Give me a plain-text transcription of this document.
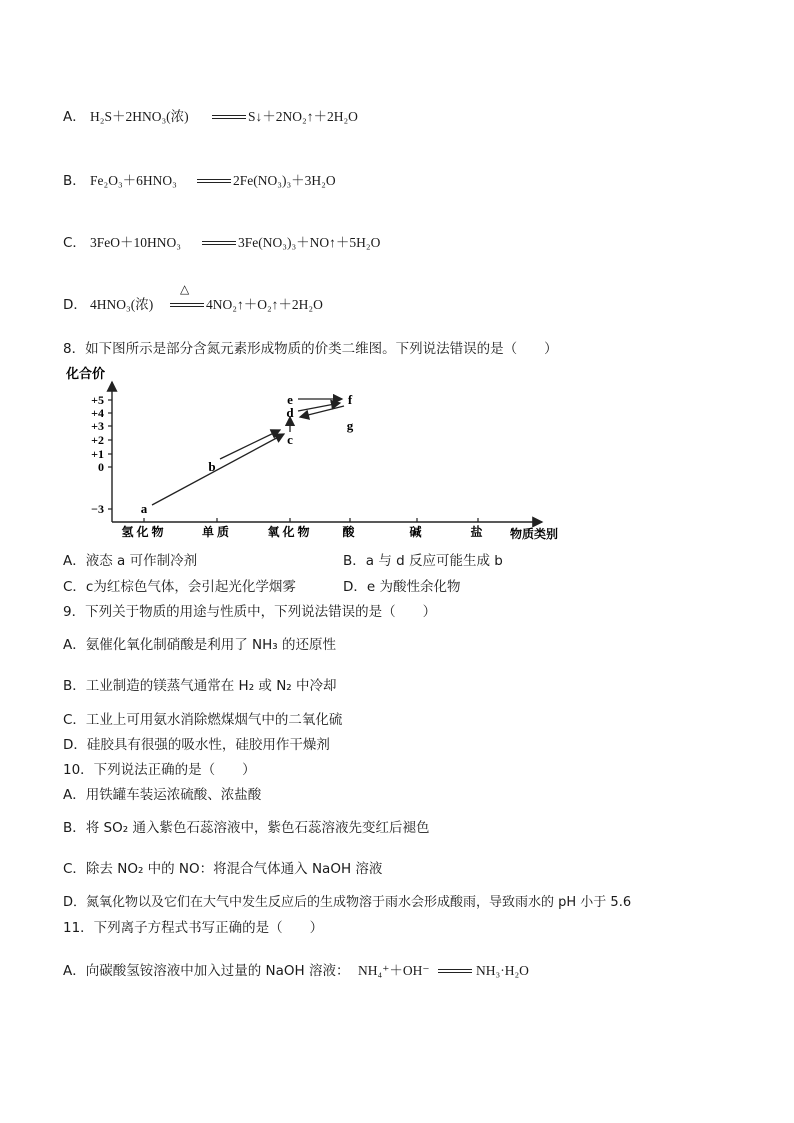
A． H₂S＋2HNO₃(浓)	S↓＋2NO₂↑＋2H₂O
B． Fe₂O₃＋6HNO₃	2Fe(NO₃)₃＋3H₂O
C． 3FeO＋10HNO₃	3Fe(NO₃)₃＋NO↑＋5H₂O
D． 4HNO₃(浓)
△
4NO₂↑＋O₂↑＋2H₂O
8．如下图所示是部分含氮元素形成物质的价类二维图。下列说法错误的是（　　）
+5
+4
+3
+2
+1
0
−3
氢化物	单质	氧化物 酸	碱	盐
a
b
c
d
e	f
g
化合价
物质类别
A．液态 a 可作制冷剂	B．a 与 d 反应可能生成 b
C．c为红棕色气体，会引起光化学烟雾	D．e 为酸性余化物
9．下列关于物质的用途与性质中，下列说法错误的是（　　）
A．氨催化氧化制硝酸是利用了 NH₃ 的还原性
B．工业制造的镁蒸气通常在 H₂ 或 N₂ 中冷却
C．工业上可用氨水消除燃煤烟气中的二氧化硫
D．硅胶具有很强的吸水性，硅胶用作干燥剂
10．下列说法正确的是（　　）
A．用铁罐车装运浓硫酸、浓盐酸
B．将 SO₂ 通入紫色石蕊溶液中，紫色石蕊溶液先变红后褪色
C．除去 NO₂ 中的 NO：将混合气体通入 NaOH 溶液
D．氮氧化物以及它们在大气中发生反应后的生成物溶于雨水会形成酸雨，导致雨水的 pH 小于 5.6
11．下列离子方程式书写正确的是（　　）
A．向碳酸氢铵溶液中加入过量的 NaOH 溶液： NH₄⁺＋OH⁻	NH₃·H₂O
